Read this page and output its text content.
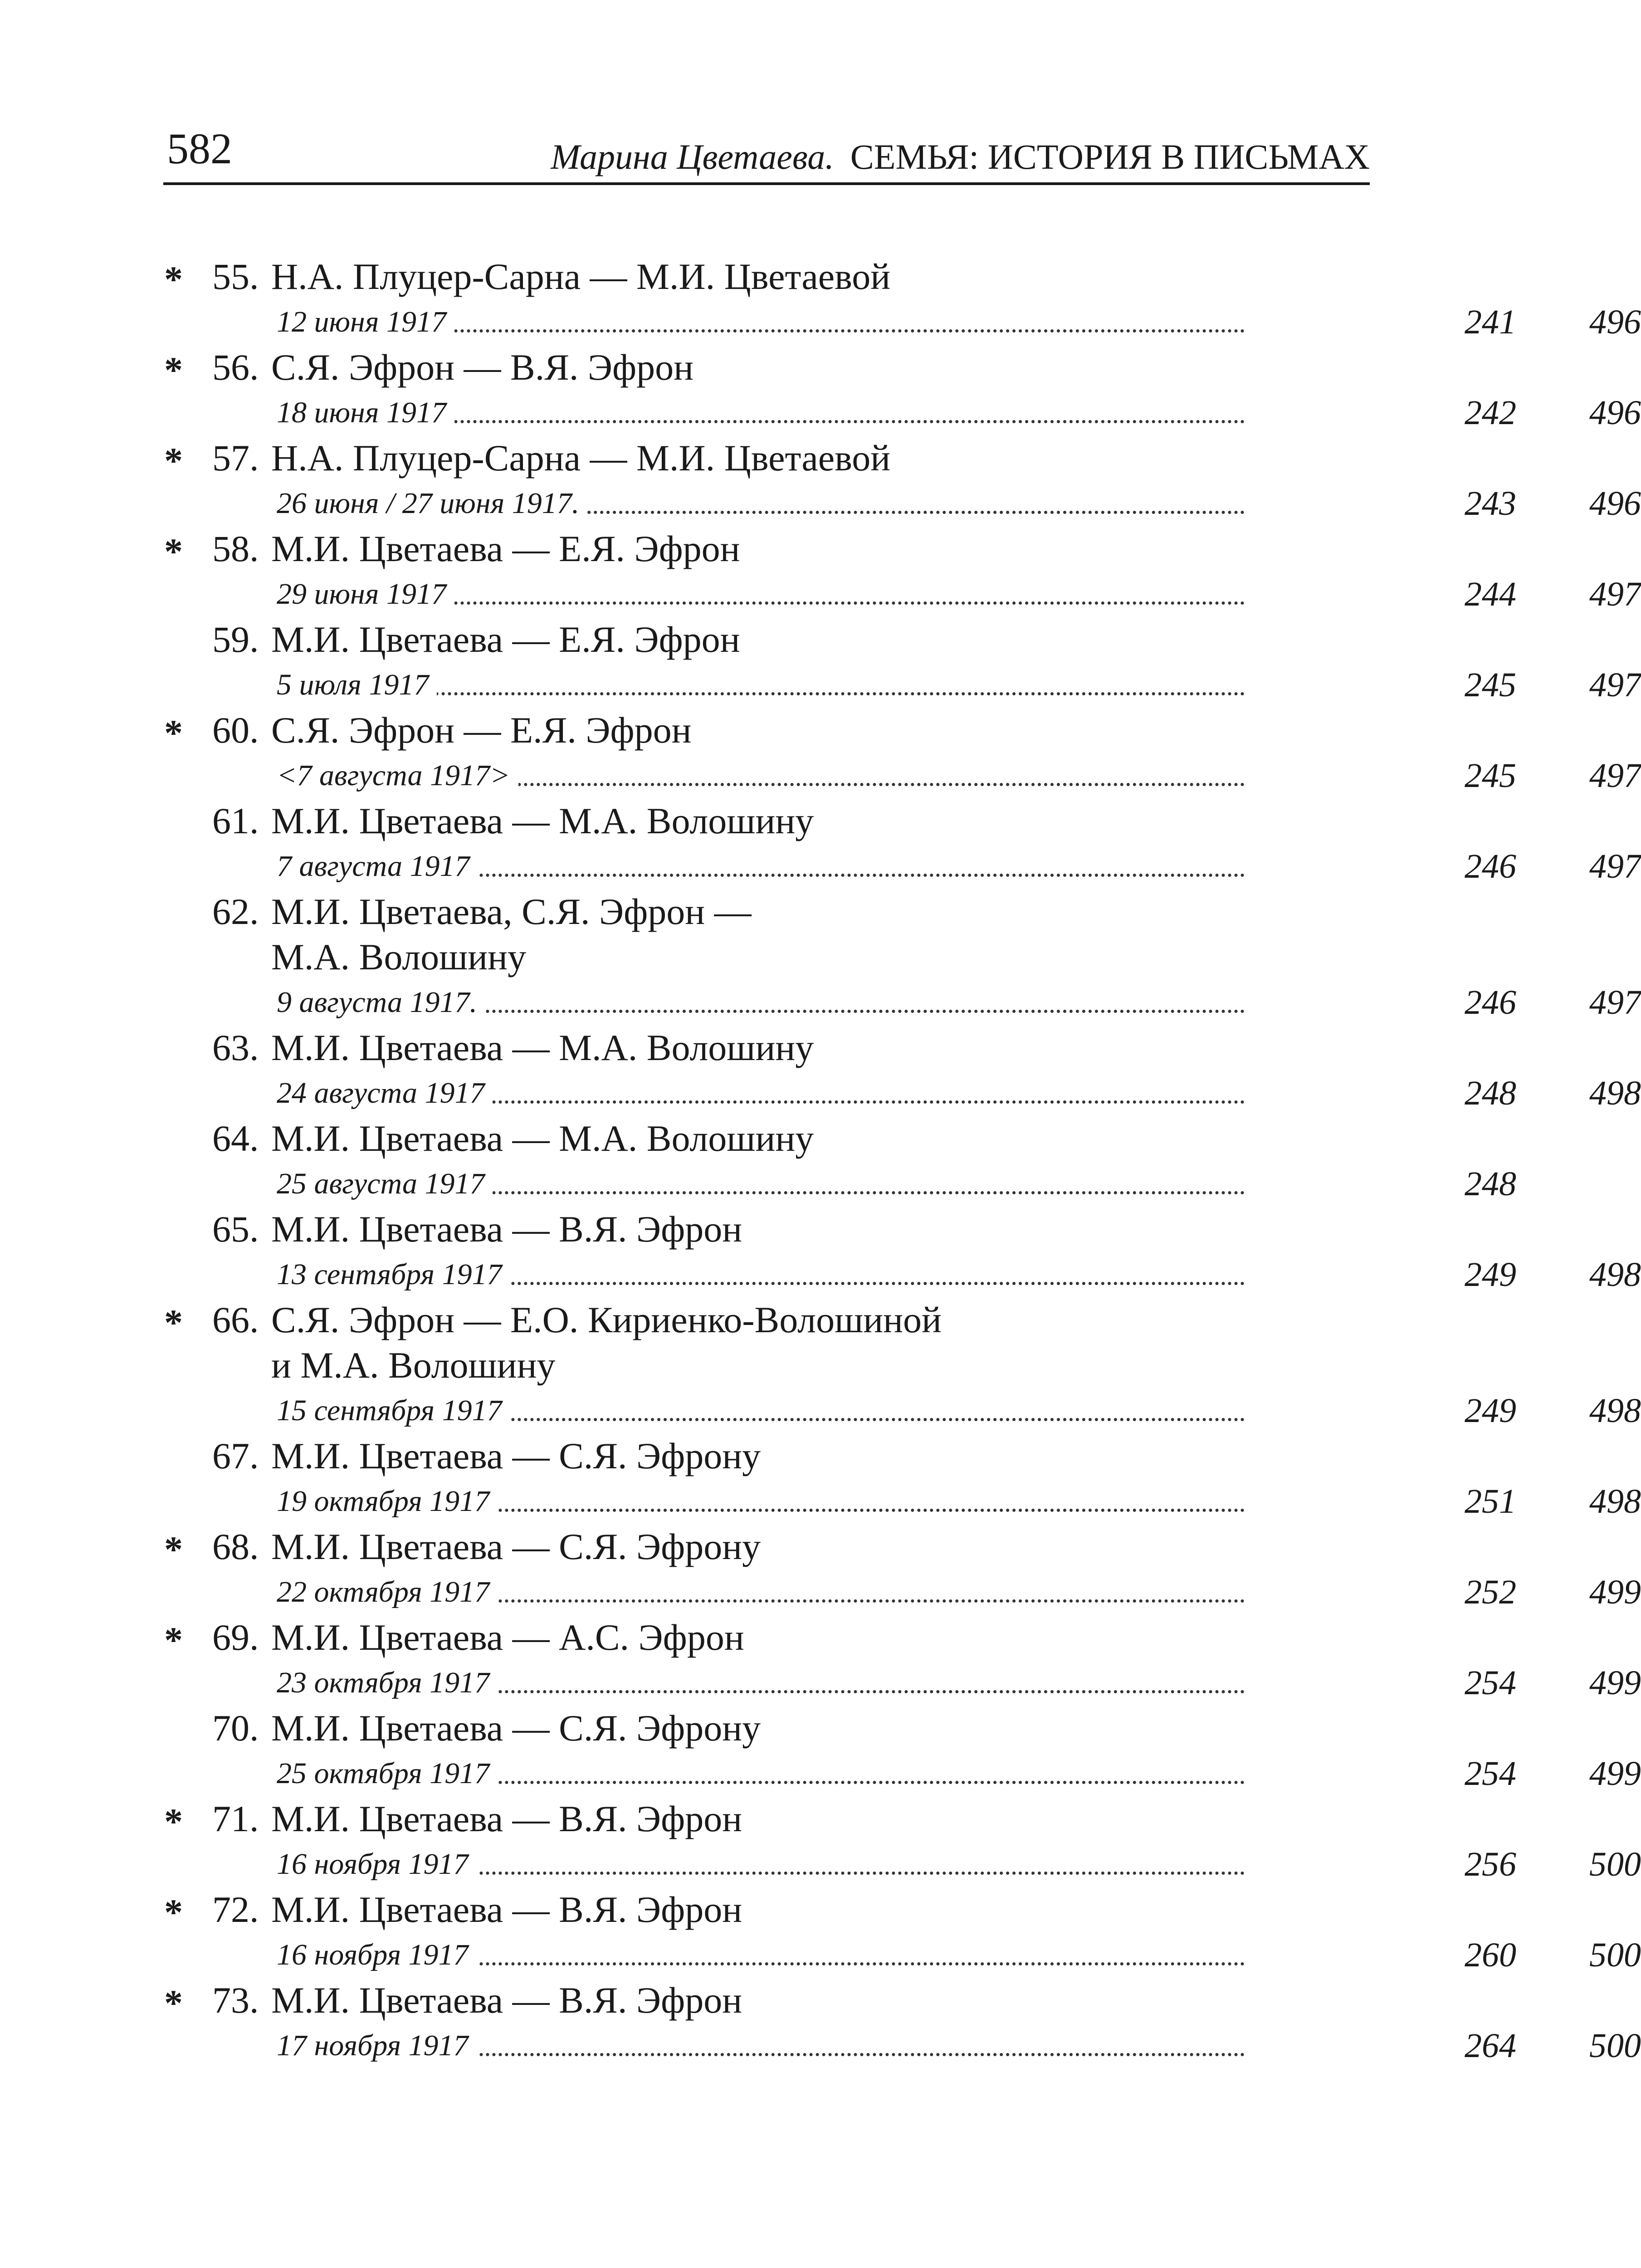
582	Марина Цветаева. СЕМЬЯ: ИСТОРИЯ В ПИСЬМАХ
* 55. Н.А. Плуцер-Сарна — М.И. Цветаевой
12 июня 1917	241	496
* 56. С.Я. Эфрон — В.Я. Эфрон
18 июня 1917	242	496
* 57. Н.А. Плуцер-Сарна — М.И. Цветаевой
26 июня / 27 июня 1917.	243	496
* 58. М.И. Цветаева — Е.Я. Эфрон
29 июня 1917	244	497
59. М.И. Цветаева — Е.Я. Эфрон
5 июля 1917	245	497
* 60. С.Я. Эфрон — Е.Я. Эфрон
<7 августа 1917>	245	497
61. М.И. Цветаева — М.А. Волошину
7 августа 1917	246	497
62. М.И. Цветаева, С.Я. Эфрон —
М.А. Волошину
9 августа 1917.	246	497
63. М.И. Цветаева — М.А. Волошину
24 августа 1917	248	498
64. М.И. Цветаева — М.А. Волошину
25 августа 1917	248
65. М.И. Цветаева — В.Я. Эфрон
13 сентября 1917	249	498
* 66. С.Я. Эфрон — Е.О. Кириенко-Волошиной
и М.А. Волошину
15 сентября 1917	249	498
67. М.И. Цветаева — С.Я. Эфрону
19 октября 1917	251	498
* 68. М.И. Цветаева — С.Я. Эфрону
22 октября 1917	252	499
* 69. М.И. Цветаева — А.С. Эфрон
23 октября 1917	254	499
70. М.И. Цветаева — С.Я. Эфрону
25 октября 1917	254	499
* 71. М.И. Цветаева — В.Я. Эфрон
16 ноября 1917	256	500
* 72. М.И. Цветаева — В.Я. Эфрон
16 ноября 1917	260	500
* 73. М.И. Цветаева — В.Я. Эфрон
17 ноября 1917	264	500
